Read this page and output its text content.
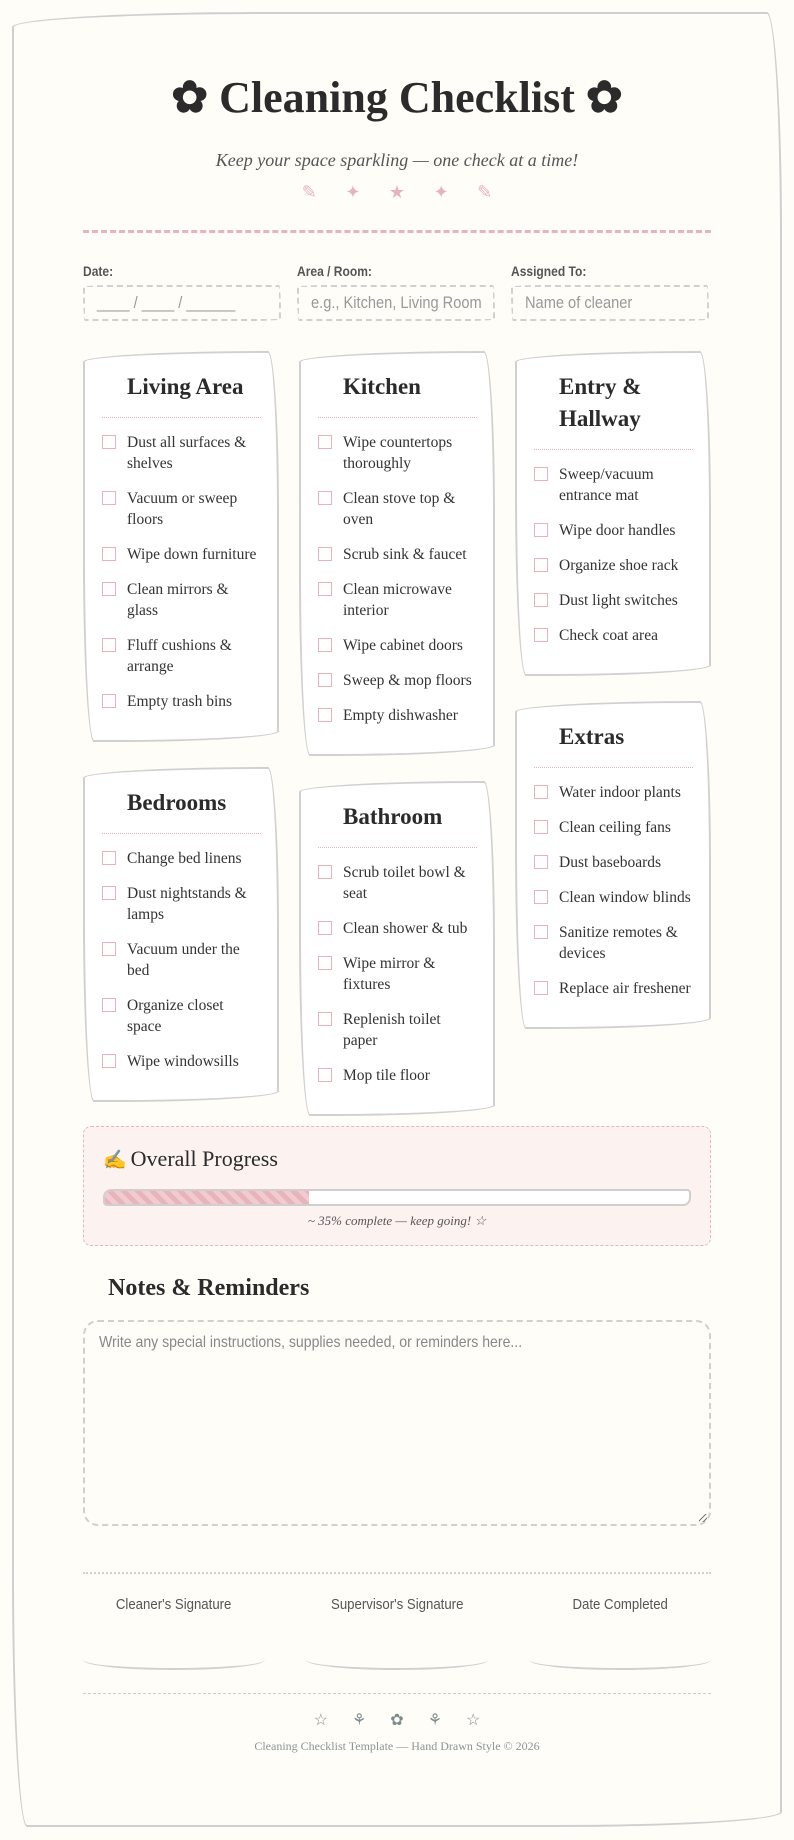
✿ Cleaning Checklist ✿

Keep your space sparkling — one check at a time!

✎ ✦ ★ ✦ ✎
Date:
____ / ____ / ______
Area / Room:
e.g., Kitchen, Living Room
Assigned To:
Name of cleaner
Living Area
Dust all surfaces & shelves
Vacuum or sweep floors
Wipe down furniture
Clean mirrors & glass
Fluff cushions & arrange
Empty trash bins
Bedrooms
Change bed linens
Dust nightstands & lamps
Vacuum under the bed
Organize closet space
Wipe windowsills
Kitchen
Wipe countertops thoroughly
Clean stove top & oven
Scrub sink & faucet
Clean microwave interior
Wipe cabinet doors
Sweep & mop floors
Empty dishwasher
Bathroom
Scrub toilet bowl & seat
Clean shower & tub
Wipe mirror & fixtures
Replenish toilet paper
Mop tile floor
Entry & Hallway
Sweep/vacuum entrance mat
Wipe door handles
Organize shoe rack
Dust light switches
Check coat area
Extras
Water indoor plants
Clean ceiling fans
Dust baseboards
Clean window blinds
Sanitize remotes & devices
Replace air freshener
✍ Overall Progress

~ 35% complete — keep going! ☆

Notes & Reminders
Write any special instructions, supplies needed, or reminders here...
Cleaner's Signature	Supervisor's Signature	Date Completed
☆ ⚘ ✿ ⚘ ☆

Cleaning Checklist Template — Hand Drawn Style © 2026
